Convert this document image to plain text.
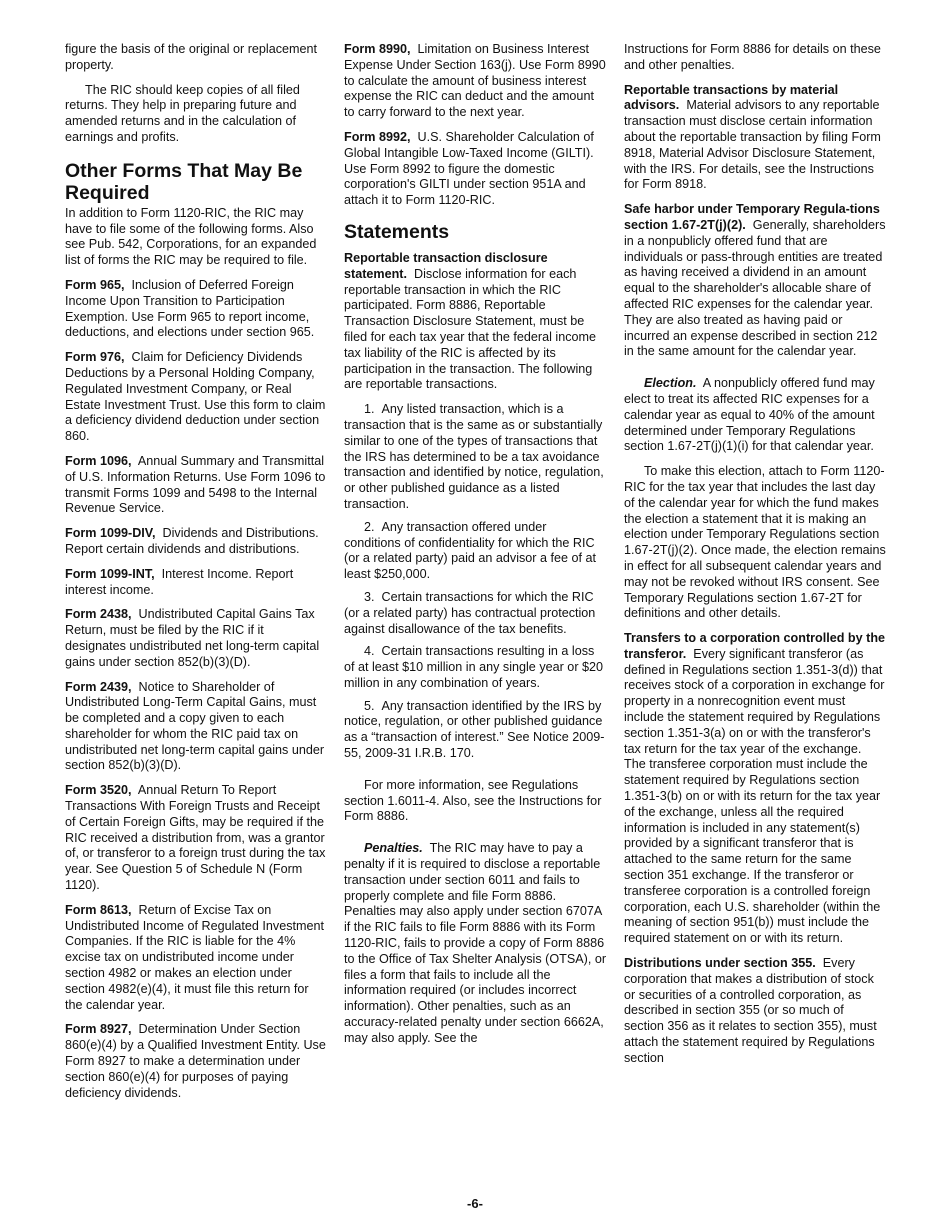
figure the basis of the original or replacement property.

The RIC should keep copies of all filed returns. They help in preparing future and amended returns and in the calculation of earnings and profits.

Other Forms That May Be Required

In addition to Form 1120-RIC, the RIC may have to file some of the following forms. Also see Pub. 542, Corporations, for an expanded list of forms the RIC may be required to file.

Form 965, Inclusion of Deferred Foreign Income Upon Transition to Participation Exemption. Use Form 965 to report income, deductions, and elections under section 965.

Form 976, Claim for Deficiency Dividends Deductions by a Personal Holding Company, Regulated Investment Company, or Real Estate Investment Trust. Use this form to claim a deficiency dividend deduction under section 860.

Form 1096, Annual Summary and Transmittal of U.S. Information Returns. Use Form 1096 to transmit Forms 1099 and 5498 to the Internal Revenue Service.

Form 1099-DIV, Dividends and Distributions. Report certain dividends and distributions.

Form 1099-INT, Interest Income. Report interest income.

Form 2438, Undistributed Capital Gains Tax Return, must be filed by the RIC if it designates undistributed net long-term capital gains under section 852(b)(3)(D).

Form 2439, Notice to Shareholder of Undistributed Long-Term Capital Gains, must be completed and a copy given to each shareholder for whom the RIC paid tax on undistributed net long-term capital gains under section 852(b)(3)(D).

Form 3520, Annual Return To Report Transactions With Foreign Trusts and Receipt of Certain Foreign Gifts, may be required if the RIC received a distribution from, was a grantor of, or transferor to a foreign trust during the tax year. See Question 5 of Schedule N (Form 1120).

Form 8613, Return of Excise Tax on Undistributed Income of Regulated Investment Companies. If the RIC is liable for the 4% excise tax on undistributed income under section 4982 or makes an election under section 4982(e)(4), it must file this return for the calendar year.

Form 8927, Determination Under Section 860(e)(4) by a Qualified Investment Entity. Use Form 8927 to make a determination under section 860(e)(4) for purposes of paying deficiency dividends.

Form 8990, Limitation on Business Interest Expense Under Section 163(j). Use Form 8990 to calculate the amount of business interest expense the RIC can deduct and the amount to carry forward to the next year.

Form 8992, U.S. Shareholder Calculation of Global Intangible Low-Taxed Income (GILTI). Use Form 8992 to figure the domestic corporation's GILTI under section 951A and attach it to Form 1120-RIC.

Statements

Reportable transaction disclosure statement. Disclose information for each reportable transaction in which the RIC participated. Form 8886, Reportable Transaction Disclosure Statement, must be filed for each tax year that the federal income tax liability of the RIC is affected by its participation in the transaction. The following are reportable transactions.

1.  Any listed transaction, which is a transaction that is the same as or substantially similar to one of the types of transactions that the IRS has determined to be a tax avoidance transaction and identified by notice, regulation, or other published guidance as a listed transaction.

2.  Any transaction offered under conditions of confidentiality for which the RIC (or a related party) paid an advisor a fee of at least $250,000.

3.  Certain transactions for which the RIC (or a related party) has contractual protection against disallowance of the tax benefits.

4.  Certain transactions resulting in a loss of at least $10 million in any single year or $20 million in any combination of years.

5.  Any transaction identified by the IRS by notice, regulation, or other published guidance as a “transaction of interest.” See Notice 2009-55, 2009-31 I.R.B. 170.

For more information, see Regulations section 1.6011-4. Also, see the Instructions for Form 8886.

Penalties. The RIC may have to pay a penalty if it is required to disclose a reportable transaction under section 6011 and fails to properly complete and file Form 8886. Penalties may also apply under section 6707A if the RIC fails to file Form 8886 with its Form 1120-RIC, fails to provide a copy of Form 8886 to the Office of Tax Shelter Analysis (OTSA), or files a form that fails to include all the information required (or includes incorrect information). Other penalties, such as an accuracy-related penalty under section 6662A, may also apply. See the

Instructions for Form 8886 for details on these and other penalties.

Reportable transactions by material advisors. Material advisors to any reportable transaction must disclose certain information about the reportable transaction by filing Form 8918, Material Advisor Disclosure Statement, with the IRS. For details, see the Instructions for Form 8918.

Safe harbor under Temporary Regula-tions section 1.67-2T(j)(2). Generally, shareholders in a nonpublicly offered fund that are individuals or pass-through entities are treated as having received a dividend in an amount equal to the shareholder's allocable share of affected RIC expenses for the calendar year. They are also treated as having paid or incurred an expense described in section 212 in the same amount for the calendar year.

Election. A nonpublicly offered fund may elect to treat its affected RIC expenses for a calendar year as equal to 40% of the amount determined under Temporary Regulations section 1.67-2T(j)(1)(i) for that calendar year.

To make this election, attach to Form 1120-RIC for the tax year that includes the last day of the calendar year for which the fund makes the election a statement that it is making an election under Temporary Regulations section 1.67-2T(j)(2). Once made, the election remains in effect for all subsequent calendar years and may not be revoked without IRS consent. See Temporary Regulations section 1.67-2T for definitions and other details.

Transfers to a corporation controlled by the transferor. Every significant transferor (as defined in Regulations section 1.351-3(d)) that receives stock of a corporation in exchange for property in a nonrecognition event must include the statement required by Regulations section 1.351-3(a) on or with the transferor's tax return for the tax year of the exchange. The transferee corporation must include the statement required by Regulations section 1.351-3(b) on or with its return for the tax year of the exchange, unless all the required information is included in any statement(s) provided by a significant transferor that is attached to the same return for the same section 351 exchange. If the transferor or transferee corporation is a controlled foreign corporation, each U.S. shareholder (within the meaning of section 951(b)) must include the required statement on or with its return.

Distributions under section 355. Every corporation that makes a distribution of stock or securities of a controlled corporation, as described in section 355 (or so much of section 356 as it relates to section 355), must attach the statement required by Regulations section

-6-
